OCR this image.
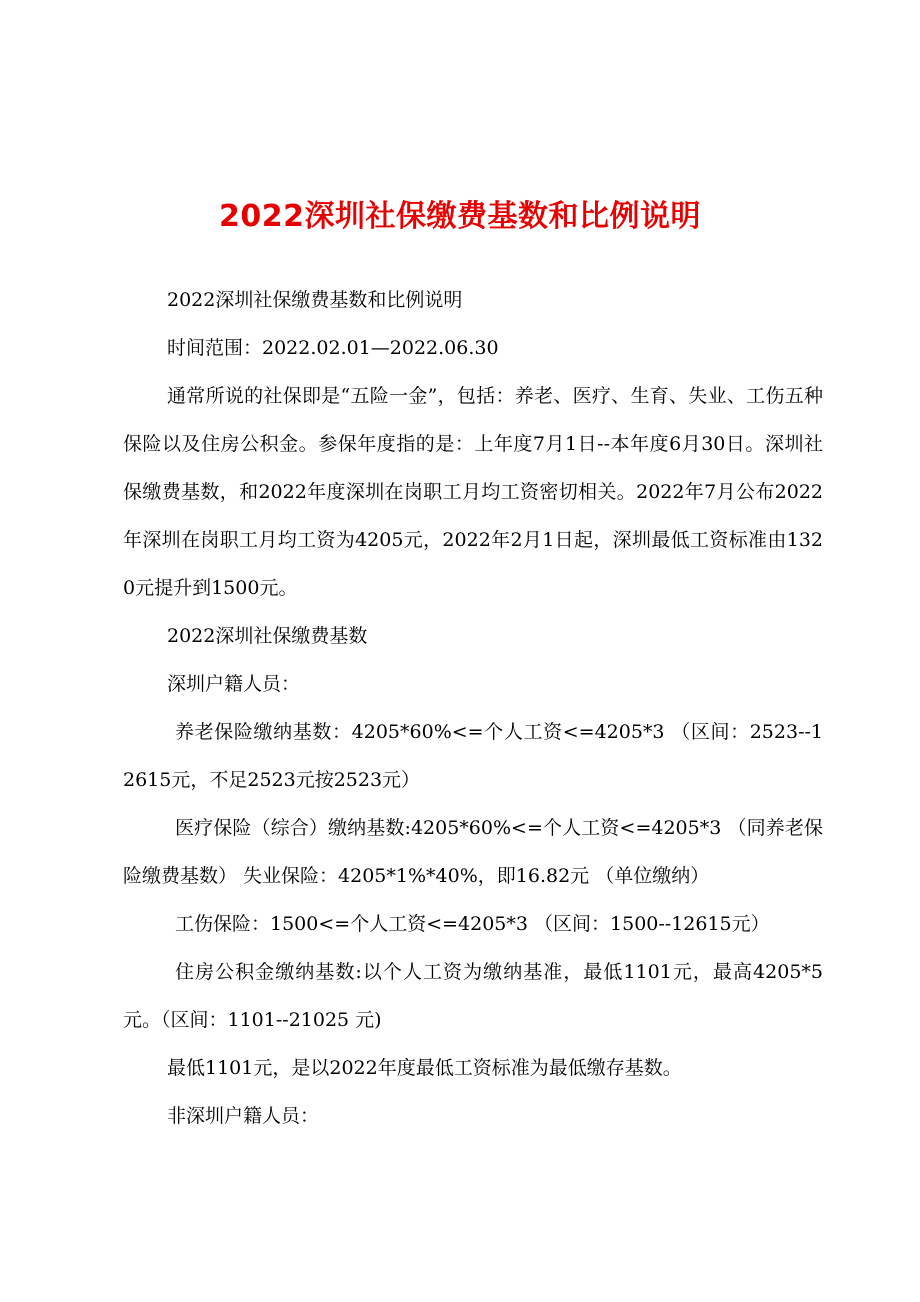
2022深圳社保缴费基数和比例说明

2022深圳社保缴费基数和比例说明

时间范围：2022.02.01—2022.06.30

通常所说的社保即是“五险一金”，包括：养老、医疗、生育、失业、工伤五种保险以及住房公积金。参保年度指的是：上年度7月1日--本年度6月30日。深圳社保缴费基数，和2022年度深圳在岗职工月均工资密切相关。2022年7月公布2022年深圳在岗职工月均工资为4205元，2022年2月1日起，深圳最低工资标准由1320元提升到1500元。

2022深圳社保缴费基数

深圳户籍人员：

养老保险缴纳基数：4205*60%<=个人工资<=4205*3 （区间：2523--12615元，不足2523元按2523元）

医疗保险（综合）缴纳基数:4205*60%<=个人工资<=4205*3 （同养老保险缴费基数） 失业保险：4205*1%*40%，即16.82元 （单位缴纳）

工伤保险：1500<=个人工资<=4205*3 （区间：1500--12615元）

住房公积金缴纳基数:以个人工资为缴纳基准，最低1101元，最高4205*5元。（区间：1101--21025 元)

最低1101元，是以2022年度最低工资标准为最低缴存基数。

非深圳户籍人员：
